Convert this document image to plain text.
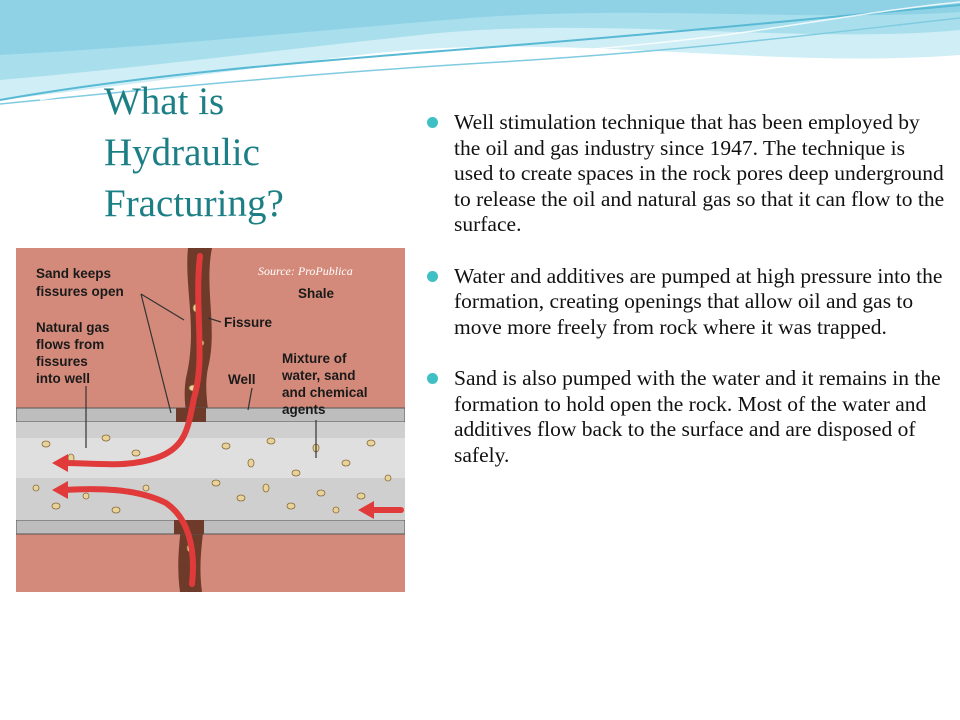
What is
Hydraulic
Fracturing?
Well stimulation technique that has been employed by the oil and gas industry since 1947. The technique is used to create spaces in the rock pores deep underground to release the oil and natural gas so that it can flow to the surface.
Water and additives are pumped at high pressure into the formation, creating openings that allow oil and gas to move more freely from rock where it was trapped.
Sand is also pumped with the water and it remains in the formation to hold open the rock. Most of the water and additives flow back to the surface and are disposed of safely.
Source: ProPublica
Sand keeps
fissures open	Shale
Fissure
Natural gas
flows from
fissures
into well	Well
Mixture of
water, sand
and chemical
agents
